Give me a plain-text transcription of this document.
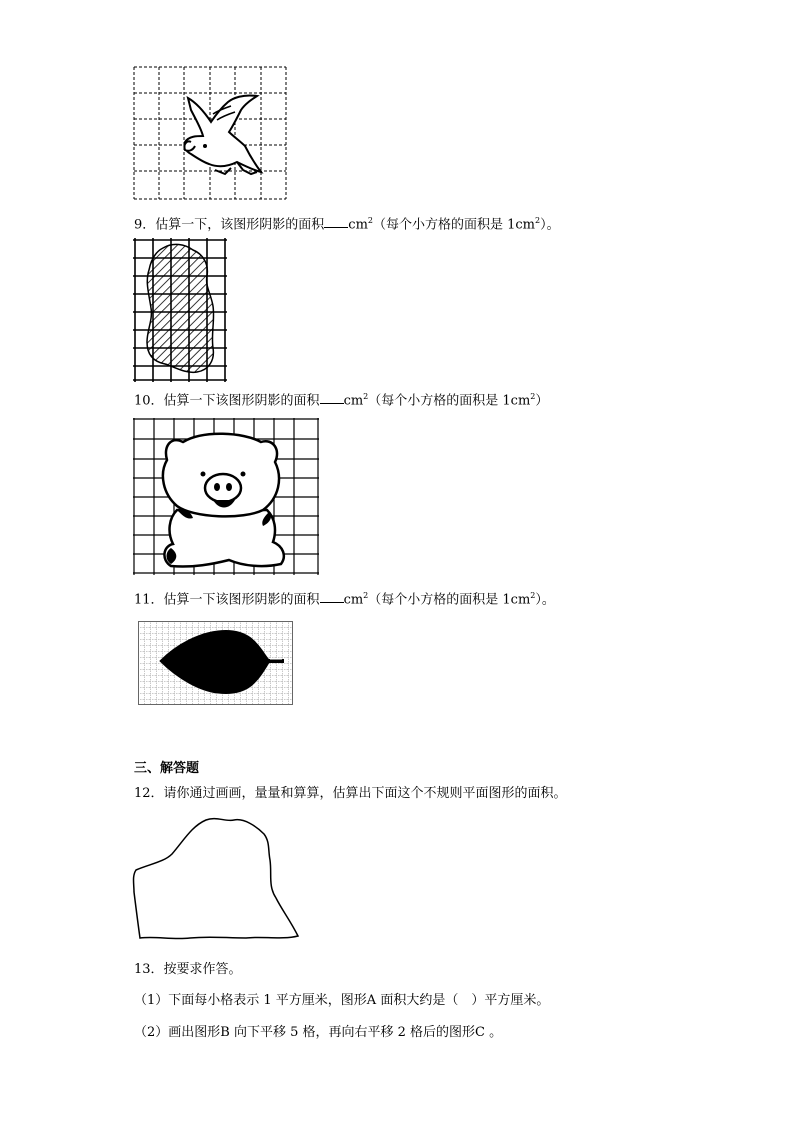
9．估算一下，该图形阴影的面积 $cm^2$（每个小方格的面积是 $1cm^2$）。
10．估算一下该图形阴影的面积 $cm^2$（每个小方格的面积是 $1cm^2$）
11．估算一下该图形阴影的面积 $cm^2$（每个小方格的面积是 $1cm^2$）。
三、解答题
12．请你通过画画，量量和算算，估算出下面这个不规则平面图形的面积。
13．按要求作答。
（1）下面每小格表示 1 平方厘米，图形A 面积大约是（　）平方厘米。
（2）画出图形B 向下平移 5 格，再向右平移 2 格后的图形C 。
